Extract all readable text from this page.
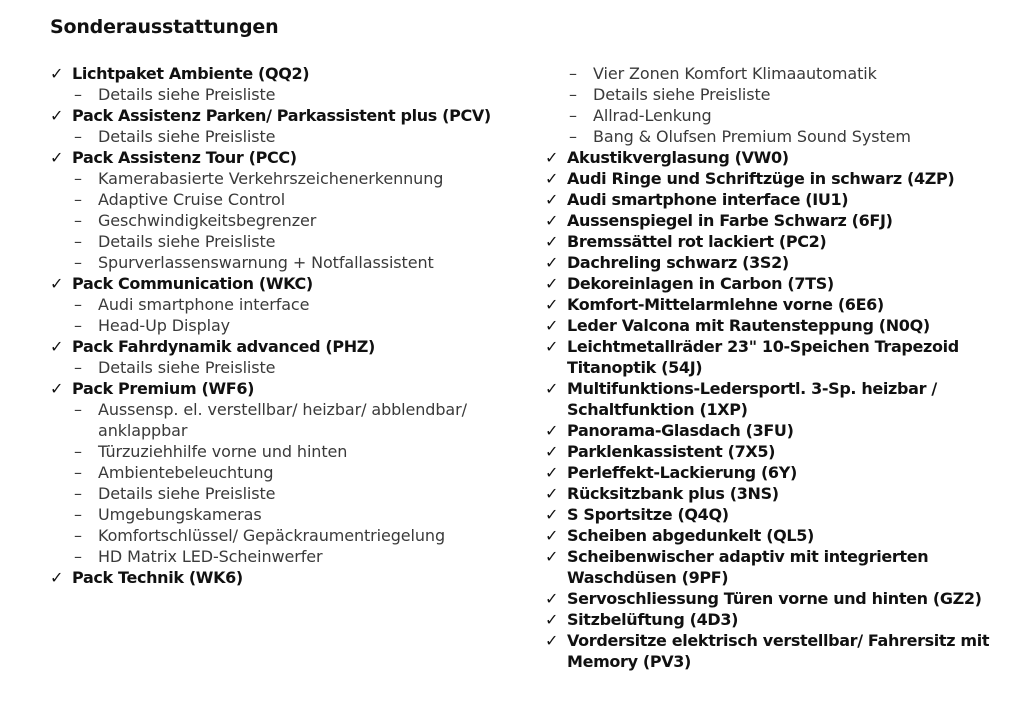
Sonderausstattungen
✓ Lichtpaket Ambiente (QQ2)
– Details siehe Preisliste
✓ Pack Assistenz Parken/ Parkassistent plus (PCV)
– Details siehe Preisliste
✓ Pack Assistenz Tour (PCC)
– Kamerabasierte Verkehrszeichenerkennung
– Adaptive Cruise Control
– Geschwindigkeitsbegrenzer
– Details siehe Preisliste
– Spurverlassenswarnung + Notfallassistent
✓ Pack Communication (WKC)
– Audi smartphone interface
– Head-Up Display
✓ Pack Fahrdynamik advanced (PHZ)
– Details siehe Preisliste
✓ Pack Premium (WF6)
– Aussensp. el. verstellbar/ heizbar/ abblendbar/
anklappbar
– Türzuziehhilfe vorne und hinten
– Ambientebeleuchtung
– Details siehe Preisliste
– Umgebungskameras
– Komfortschlüssel/ Gepäckraumentriegelung
– HD Matrix LED-Scheinwerfer
✓ Pack Technik (WK6)
– Vier Zonen Komfort Klimaautomatik
– Details siehe Preisliste
– Allrad-Lenkung
– Bang & Olufsen Premium Sound System
✓ Akustikverglasung (VW0)
✓ Audi Ringe und Schriftzüge in schwarz (4ZP)
✓ Audi smartphone interface (IU1)
✓ Aussenspiegel in Farbe Schwarz (6FJ)
✓ Bremssättel rot lackiert (PC2)
✓ Dachreling schwarz (3S2)
✓ Dekoreinlagen in Carbon (7TS)
✓ Komfort-Mittelarmlehne vorne (6E6)
✓ Leder Valcona mit Rautensteppung (N0Q)
✓ Leichtmetallräder 23" 10-Speichen Trapezoid
Titanoptik (54J)
✓ Multifunktions-Ledersportl. 3-Sp. heizbar /
Schaltfunktion (1XP)
✓ Panorama-Glasdach (3FU)
✓ Parklenkassistent (7X5)
✓ Perleffekt-Lackierung (6Y)
✓ Rücksitzbank plus (3NS)
✓ S Sportsitze (Q4Q)
✓ Scheiben abgedunkelt (QL5)
✓ Scheibenwischer adaptiv mit integrierten
Waschdüsen (9PF)
✓ Servoschliessung Türen vorne und hinten (GZ2)
✓ Sitzbelüftung (4D3)
✓ Vordersitze elektrisch verstellbar/ Fahrersitz mit
Memory (PV3)
